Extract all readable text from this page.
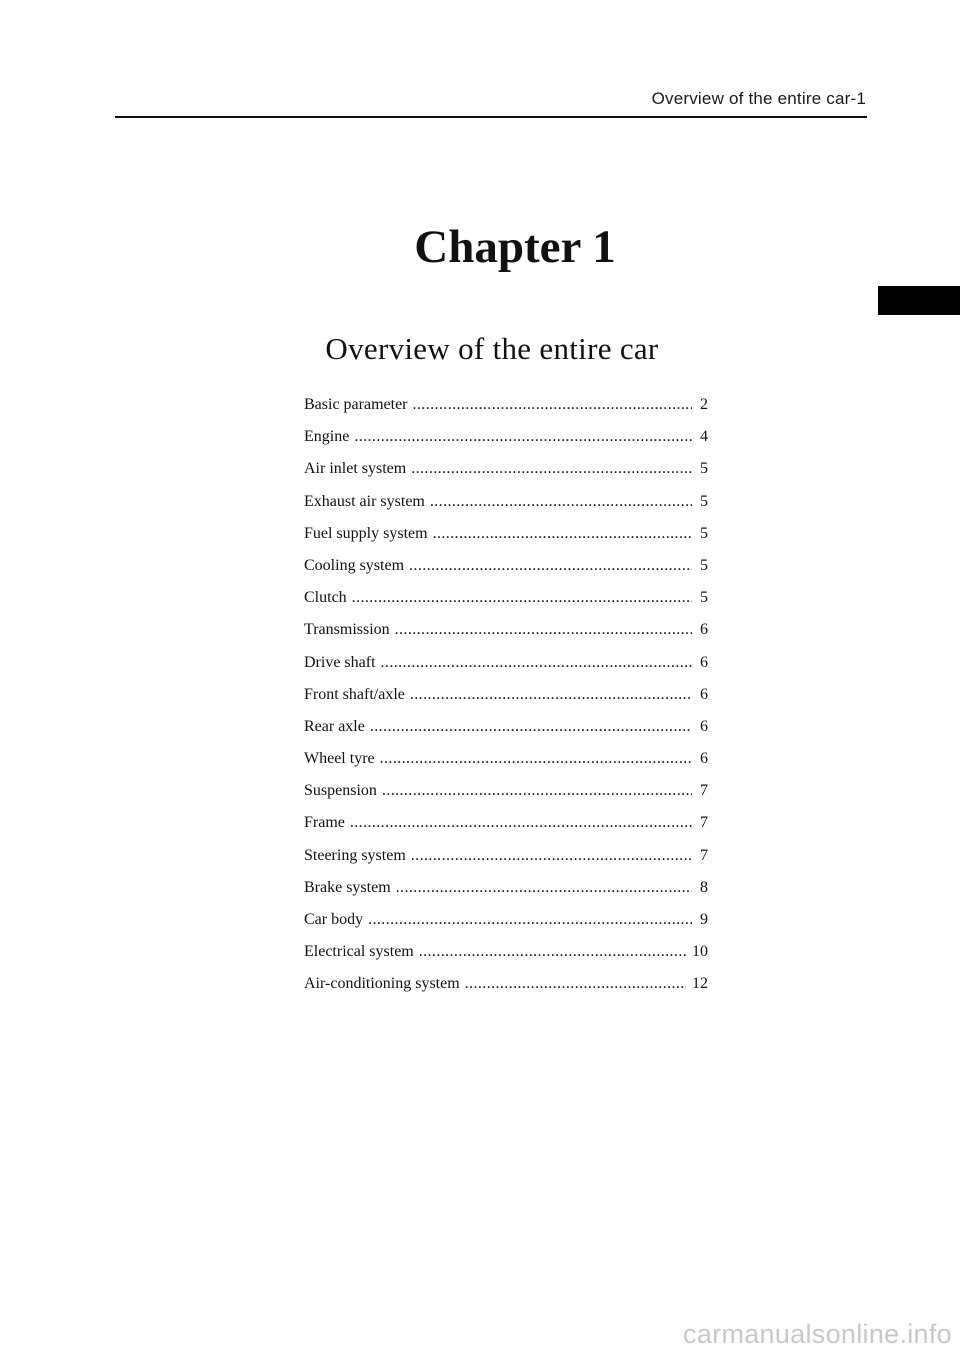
Overview of the entire car-1
Chapter 1
Overview of the entire car
Basic parameter .....	2
Engine .....	4
Air inlet system .....	5
Exhaust air system .....	5
Fuel supply system .....	5
Cooling system .....	5
Clutch .....	5
Transmission .....	6
Drive shaft .....	6
Front shaft/axle .....	6
Rear axle .....	6
Wheel tyre .....	6
Suspension .....	7
Frame .....	7
Steering system .....	7
Brake system .....	8
Car body .....	9
Electrical system .....	10
Air-conditioning system .....	12
carmanualsonline.info
